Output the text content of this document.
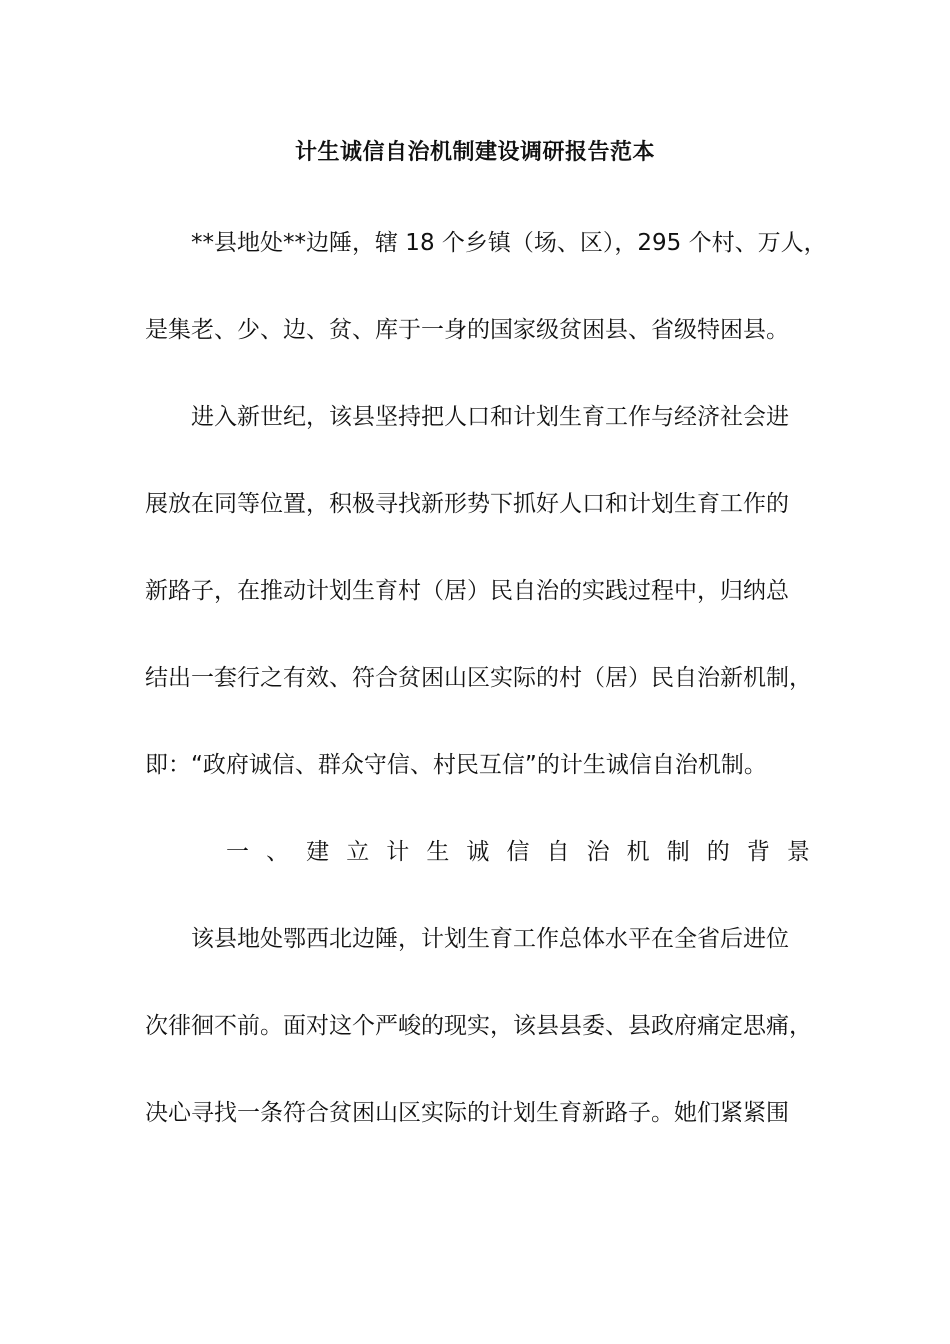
计生诚信自治机制建设调研报告范本
**县地处**边陲，辖 18 个乡镇（场、区），295 个村、万人，
是集老、少、边、贫、库于一身的国家级贫困县、省级特困县。
进入新世纪，该县坚持把人口和计划生育工作与经济社会进
展放在同等位置，积极寻找新形势下抓好人口和计划生育工作的
新路子，在推动计划生育村（居）民自治的实践过程中，归纳总
结出一套行之有效、符合贫困山区实际的村（居）民自治新机制，
即：“政府诚信、群众守信、村民互信”的计生诚信自治机制。
一 、 建 立 计 生 诚 信 自 治 机 制 的 背 景
该县地处鄂西北边陲，计划生育工作总体水平在全省后进位
次徘徊不前。面对这个严峻的现实，该县县委、县政府痛定思痛，
决心寻找一条符合贫困山区实际的计划生育新路子。她们紧紧围
